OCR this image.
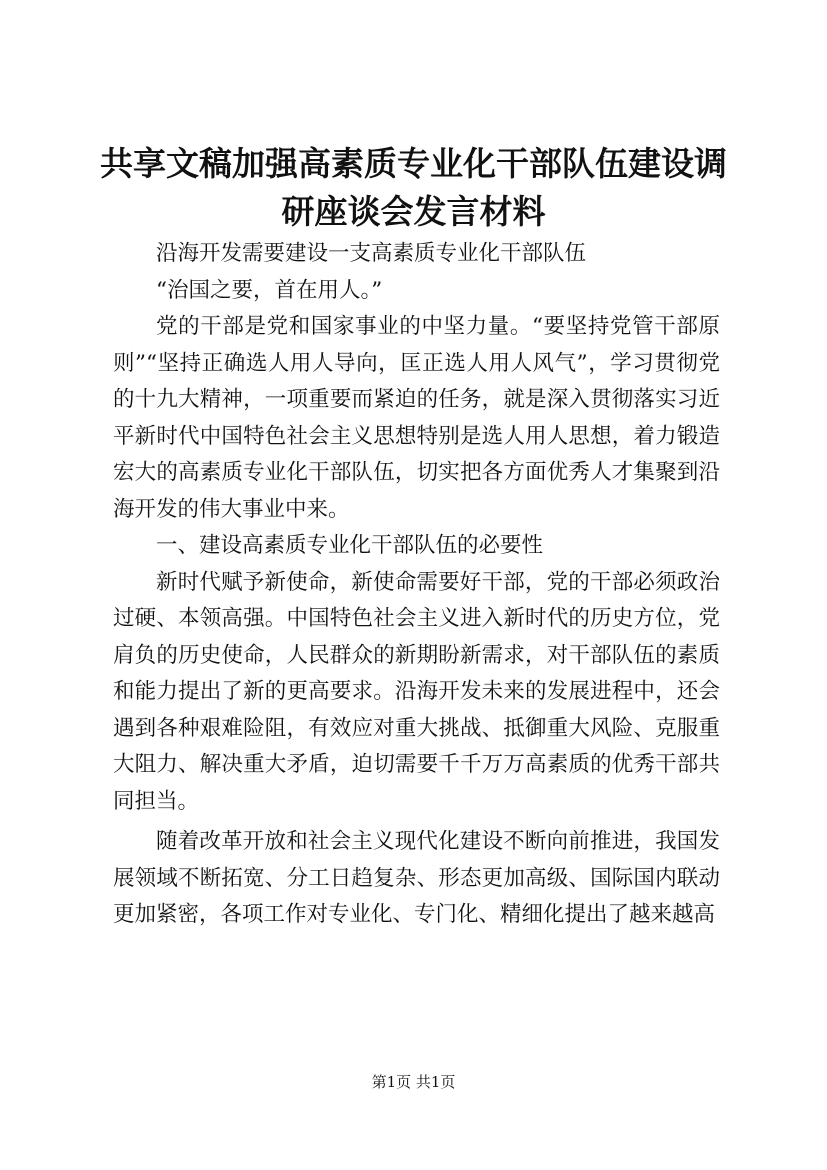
共享文稿加强高素质专业化干部队伍建设调研座谈会发言材料

沿海开发需要建设一支高素质专业化干部队伍

“治国之要，首在用人。”

党的干部是党和国家事业的中坚力量。“要坚持党管干部原则”“坚持正确选人用人导向，匡正选人用人风气”，学习贯彻党的十九大精神，一项重要而紧迫的任务，就是深入贯彻落实习近平新时代中国特色社会主义思想特别是选人用人思想，着力锻造宏大的高素质专业化干部队伍，切实把各方面优秀人才集聚到沿海开发的伟大事业中来。

一、建设高素质专业化干部队伍的必要性

新时代赋予新使命，新使命需要好干部，党的干部必须政治过硬、本领高强。中国特色社会主义进入新时代的历史方位，党肩负的历史使命，人民群众的新期盼新需求，对干部队伍的素质和能力提出了新的更高要求。沿海开发未来的发展进程中，还会遇到各种艰难险阻，有效应对重大挑战、抵御重大风险、克服重大阻力、解决重大矛盾，迫切需要千千万万高素质的优秀干部共同担当。

随着改革开放和社会主义现代化建设不断向前推进，我国发展领域不断拓宽、分工日趋复杂、形态更加高级、国际国内联动更加紧密，各项工作对专业化、专门化、精细化提出了越来越高

第1页 共1页
